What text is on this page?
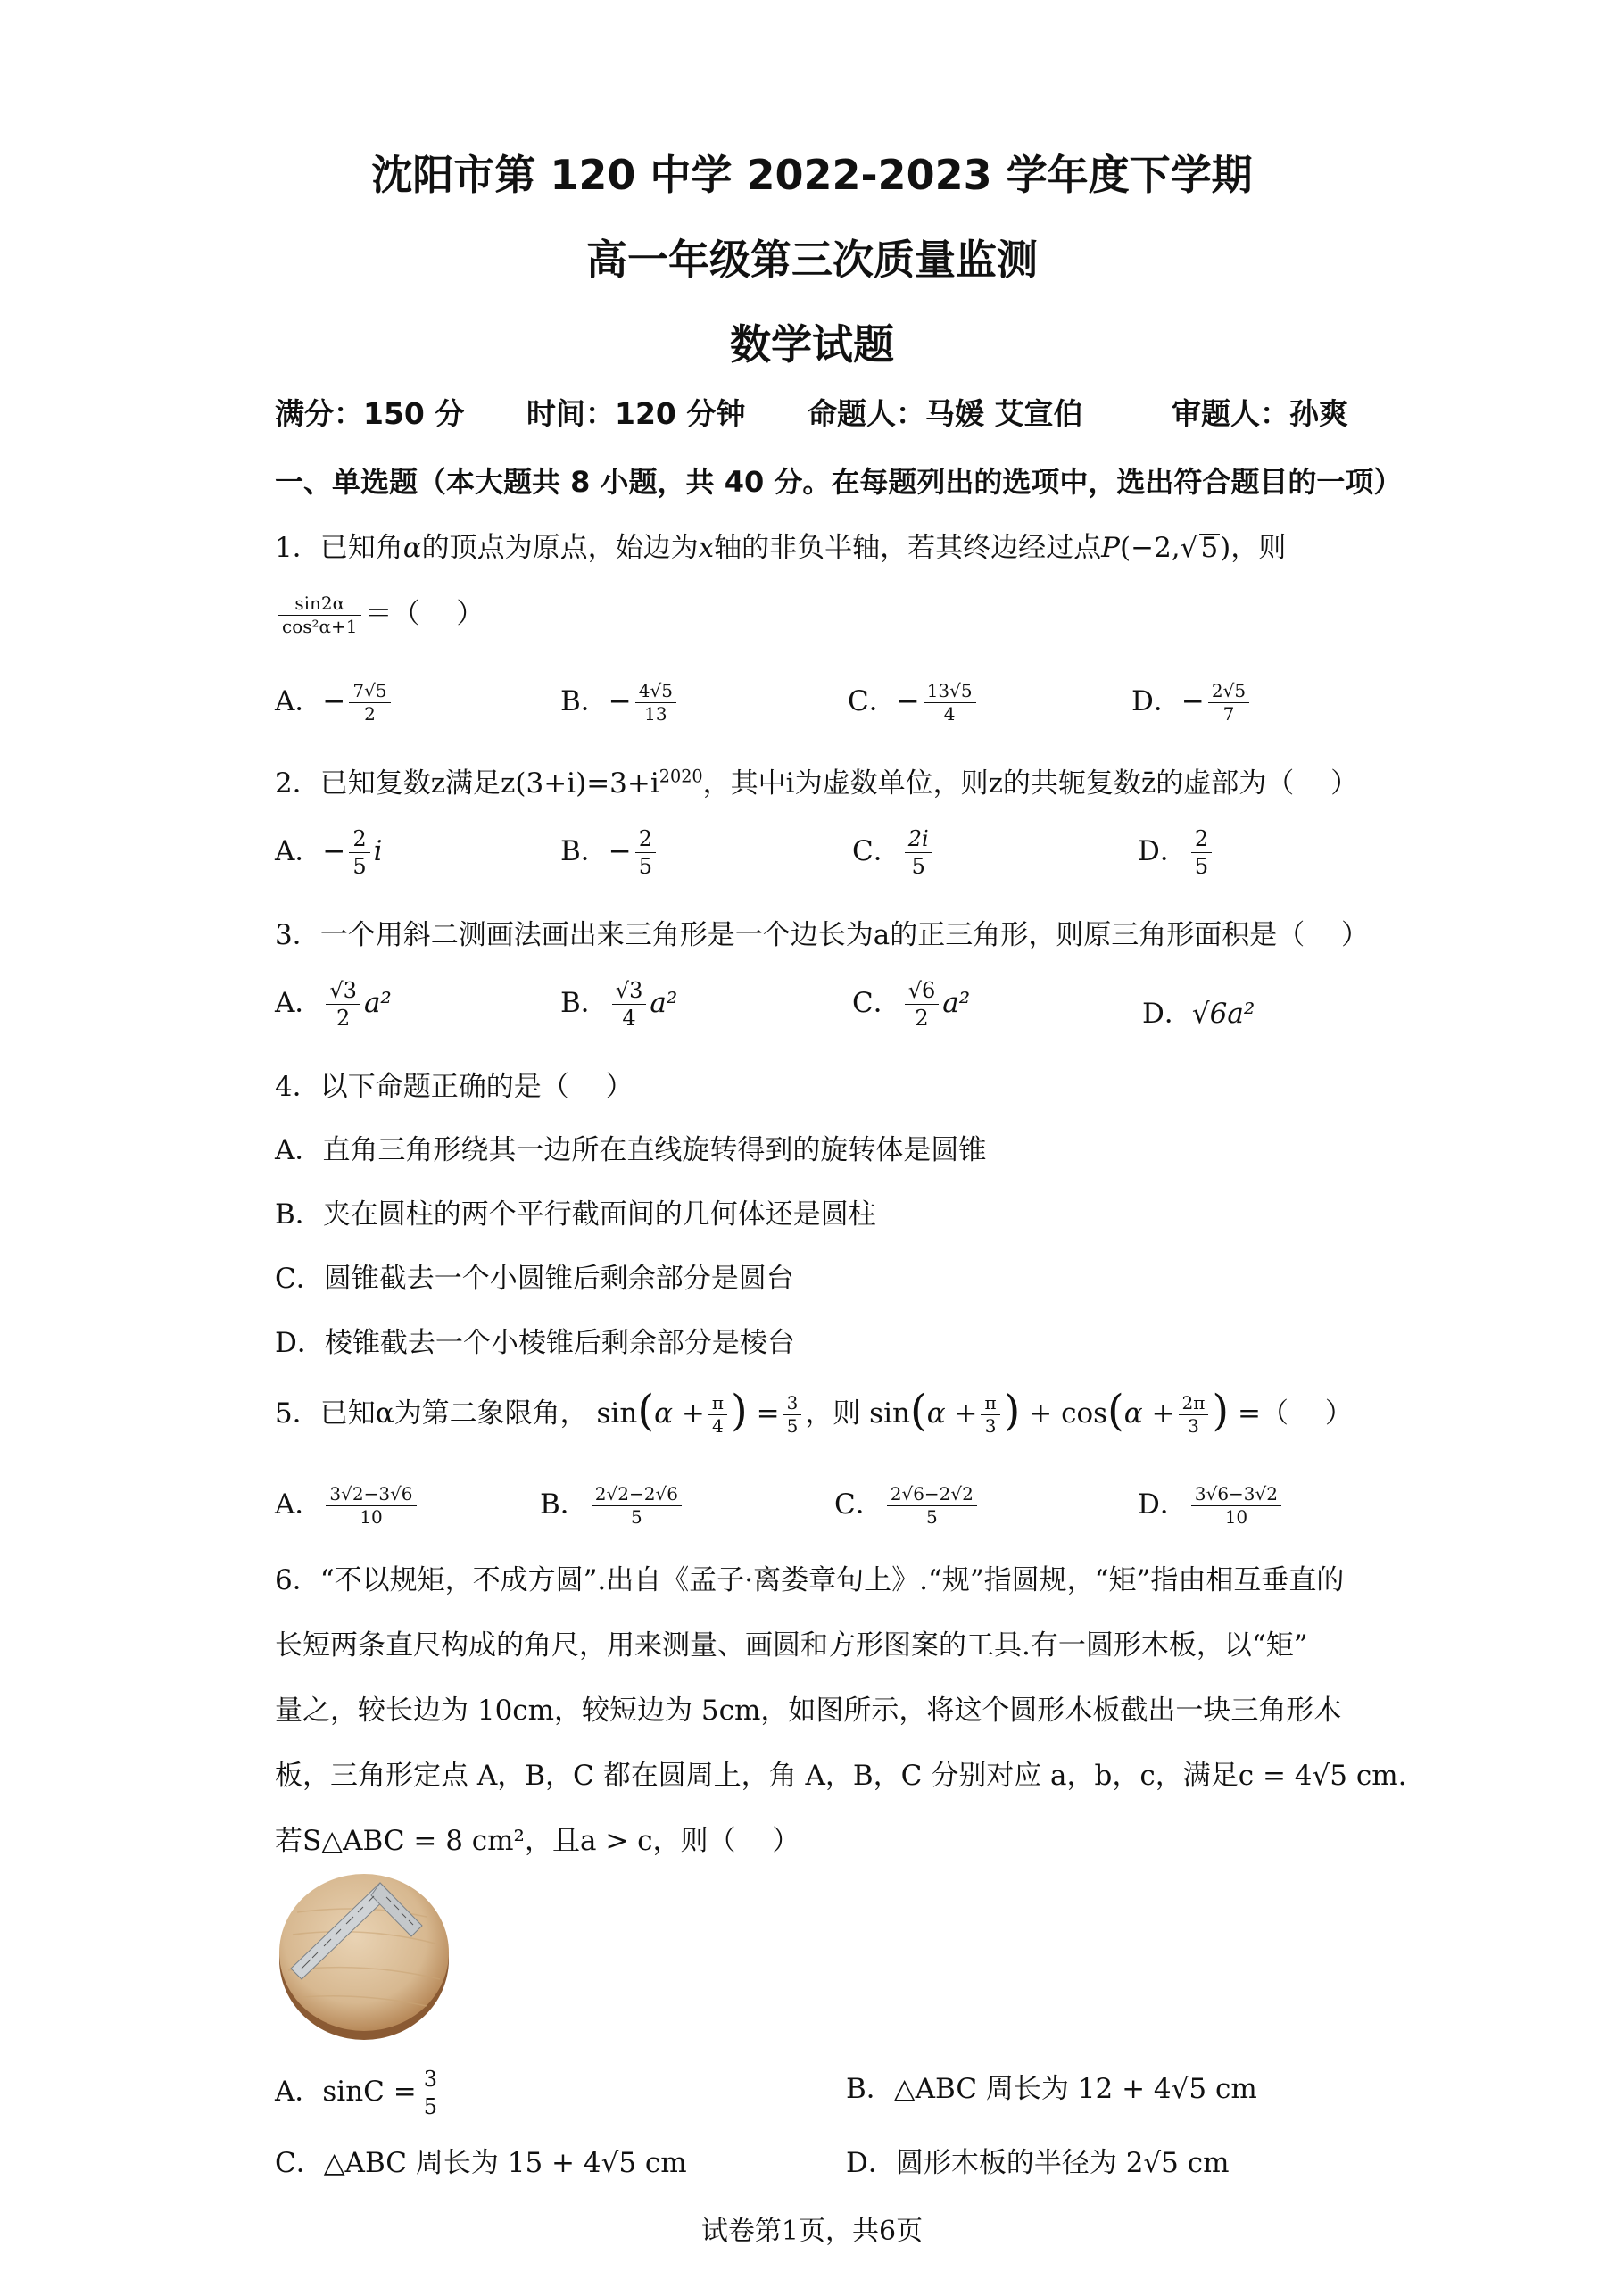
沈阳市第 120 中学 2022-2023 学年度下学期
高一年级第三次质量监测
数学试题
满分：150 分 时间：120 分钟 命题人：马媛 艾宣伯	审题人：孙爽
一、单选题（本大题共 8 小题，共 40 分。在每题列出的选项中，选出符合题目的一项）
1．已知角α的顶点为原点，始边为x轴的非负半轴，若其终边经过点P(−2,√5)，则
$\frac{\sin 2\alpha}{\text{cos²α+1}}$ ＝（　 ）
A．− $\frac{7√5}{2}$	B．− $\frac{4√5}{13}$	C．− $\frac{13√5}{4}$	D．− $\frac{2√5}{7}$
2．已知复数z满足$z(3+i)=3+i^{2020}$，其中i为虚数单位，则z的共轭复数z̄的虚部为（　 ）
A．− $\frac{2}{5}$ i	B．− $\frac{2}{5}$	C． $\frac{2i}{5}$	D． $\frac{2}{5}$
3．一个用斜二测画法画出来三角形是一个边长为a的正三角形，则原三角形面积是（　 ）
A． $\frac{√3}{2} a^2$	B． $\frac{√3}{4} a^2$	C． $\frac{√6}{2} a^2$	D．√6a²
4．以下命题正确的是（　 ）
A．直角三角形绕其一边所在直线旋转得到的旋转体是圆锥
B．夹在圆柱的两个平行截面间的几何体还是圆柱
C．圆锥截去一个小圆锥后剩余部分是圆台
D．棱锥截去一个小棱锥后剩余部分是棱台
5．已知α为第二象限角， $\sin(\alpha + \frac{\pi}{4}$ ) = $\frac{3}{5}$ ，则 $\sin(\alpha + \frac{\pi}{3}$ ) + $\cos(\alpha + \frac{2\pi}{3}$ ) =（　 ）
A． $\frac{3√2-3√6}{10}$	B． $\frac{2√2-2√6}{5}$	C． $\frac{2√6-2√2}{5}$	D． $\frac{3√6-3√2}{10}$
6．“不以规矩，不成方圆”.出自《孟子·离娄章句上》.“规”指圆规，“矩”指由相互垂直的
长短两条直尺构成的角尺，用来测量、画圆和方形图案的工具.有一圆形木板，以“矩”
量之，较长边为 10cm，较短边为 5cm，如图所示，将这个圆形木板截出一块三角形木
板，三角形定点 A，B，C 都在圆周上，角 A，B，C 分别对应 a，b，c，满足c = 4√5 cm.
若S△ABC = 8 cm²，且a > c，则（　 ）
A．$\sin C = \frac{3}{5}$	B．△ABC 周长为 12 + 4√5 cm
C．△ABC 周长为 15 + 4√5 cm	D．圆形木板的半径为 2√5 cm
试卷第1页，共6页
